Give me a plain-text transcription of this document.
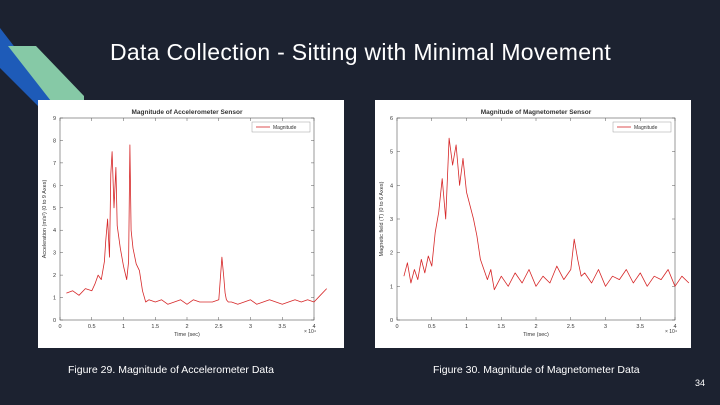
Data Collection - Sitting with Minimal Movement
Magnitude of Accelerometer Sensor
0
1
2
3
4
5
6
7
8
9
0	0.5	1	1.5	2	2.5	3	3.5	4
Time (sec)	× 10⁴
Acceleration (m/s²) (0 to 9 Axes)
Magnitude
Magnitude of Magnetometer Sensor
0
1
2
3
4
5
6
0	0.5	1	1.5	2	2.5	3	3.5	4
Time (sec)	× 10⁴
Magnetic field (T) (0 to 6 Axes)
Magnitude
Figure 29. Magnitude of Accelerometer Data	Figure 30. Magnitude of Magnetometer Data
34
